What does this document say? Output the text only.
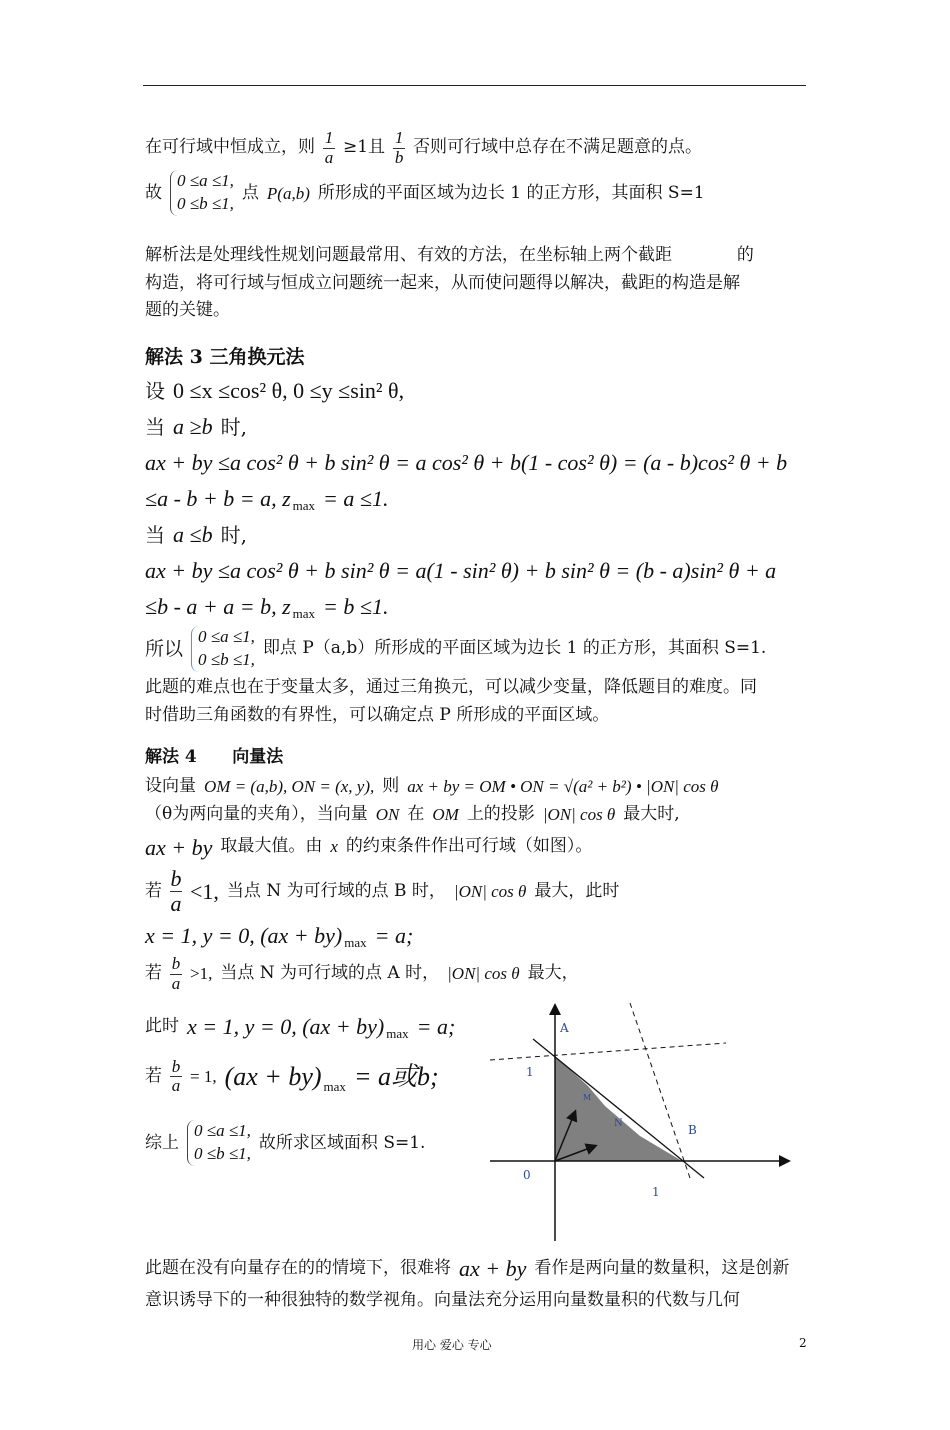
在可行域中恒成立，则 $\frac{1}{a} \ge 1$且 $\frac{1}{b}$ 否则可行域中总存在不满足题意的点。
故
0 ≤a ≤1,
0 ≤b ≤1,
点 P(a,b) 所形成的平面区域为边长 1 的正方形，其面积 S=1
解析法是处理线性规划问题最常用、有效的方法，在坐标轴上两个截距            的
构造，将可行域与恒成立问题统一起来，从而使问题得以解决，截距的构造是解
题的关键。
解法 3 三角换元法
设 0 ≤x ≤cos² θ, 0 ≤y ≤sin² θ,
当 a ≥b 时,
ax + by ≤a cos² θ + b sin² θ = a cos² θ + b(1 - cos² θ) = (a - b)cos² θ + b
≤a - b + b = a, z max = a ≤1.
当 a ≤b 时,
ax + by ≤a cos² θ + b sin² θ = a(1 - sin² θ) + b sin² θ = (b - a)sin² θ + a
≤b - a + a = b, z max = b ≤1.
所以
0 ≤a ≤1,
0 ≤b ≤1,
即点 P（a,b）所形成的平面区域为边长 1 的正方形，其面积 S=1.
此题的难点也在于变量太多，通过三角换元，可以减少变量，降低题目的难度。同
时借助三角函数的有界性，可以确定点 P 所形成的平面区域。
解法 4      向量法
设向量 OM = (a,b), ON = (x, y), 则 ax + by = OM • ON = √(a² + b²) • |ON| cos θ
（θ为两向量的夹角），当向量 ON 在 OM 上的投影 |ON| cos θ 最大时,
ax + by 取最大值。由 x 的约束条件作出可行域（如图）。
若 $\frac{b}{a} <1$, 当点 N 为可行域的点 B 时， |ON| cos θ 最大，此时
x = 1, y = 0, (ax + by) max = a;
若 $\frac{b}{a} >1$, 当点 N 为可行域的点 A 时， |ON| cos θ 最大，
此时 x = 1, y = 0, (ax + by) max = a;
若 $\frac{b}{a} = 1$, (ax + by) max = a或b;
综上
0 ≤a ≤1,
0 ≤b ≤1,
故所求区域面积 S=1.
A
B
M
N
1
1
0
此题在没有向量存在的的情境下，很难将 ax + by 看作是两向量的数量积，这是创新
意识诱导下的一种很独特的数学视角。向量法充分运用向量数量积的代数与几何
用心 爱心 专心	2
